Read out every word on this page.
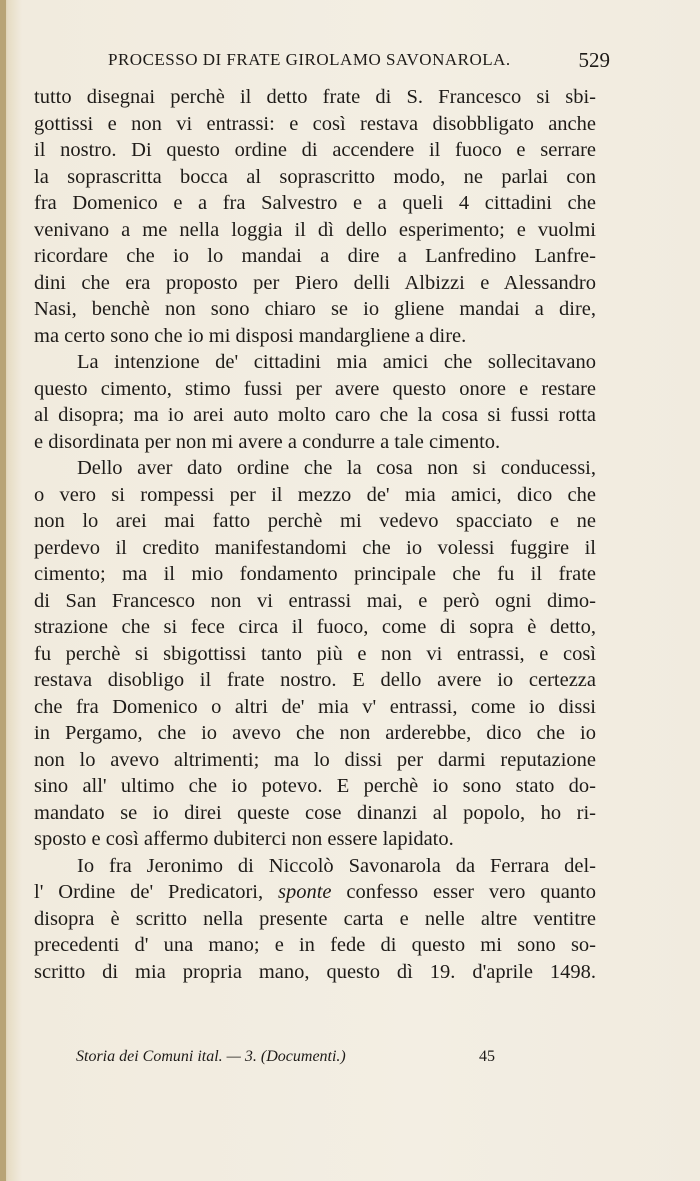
PROCESSO DI FRATE GIROLAMO SAVONAROLA.	529
tutto disegnai perchè il detto frate di S. Francesco si sbi-
gottissi e non vi entrassi: e così restava disobbligato anche
il nostro. Di questo ordine di accendere il fuoco e serrare
la soprascritta bocca al soprascritto modo, ne parlai con
fra Domenico e a fra Salvestro e a queli 4 cittadini che
venivano a me nella loggia il dì dello esperimento; e vuolmi
ricordare che io lo mandai a dire a Lanfredino Lanfre-
dini che era proposto per Piero delli Albizzi e Alessandro
Nasi, benchè non sono chiaro se io gliene mandai a dire,
ma certo sono che io mi disposi mandargliene a dire.
La intenzione de' cittadini mia amici che sollecitavano
questo cimento, stimo fussi per avere questo onore e restare
al disopra; ma io arei auto molto caro che la cosa si fussi rotta
e disordinata per non mi avere a condurre a tale cimento.
Dello aver dato ordine che la cosa non si conducessi,
o vero si rompessi per il mezzo de' mia amici, dico che
non lo arei mai fatto perchè mi vedevo spacciato e ne
perdevo il credito manifestandomi che io volessi fuggire il
cimento; ma il mio fondamento principale che fu il frate
di San Francesco non vi entrassi mai, e però ogni dimo-
strazione che si fece circa il fuoco, come di sopra è detto,
fu perchè si sbigottissi tanto più e non vi entrassi, e così
restava disobligo il frate nostro. E dello avere io certezza
che fra Domenico o altri de' mia v' entrassi, come io dissi
in Pergamo, che io avevo che non arderebbe, dico che io
non lo avevo altrimenti; ma lo dissi per darmi reputazione
sino all' ultimo che io potevo. E perchè io sono stato do-
mandato se io direi queste cose dinanzi al popolo, ho ri-
sposto e così affermo dubiterci non essere lapidato.
Io fra Jeronimo di Niccolò Savonarola da Ferrara del-
l' Ordine de' Predicatori, sponte confesso esser vero quanto
disopra è scritto nella presente carta e nelle altre ventitre
precedenti d' una mano; e in fede di questo mi sono so-
scritto di mia propria mano, questo dì 19. d'aprile 1498.
Storia dei Comuni ital. — 3. (Documenti.)	45
